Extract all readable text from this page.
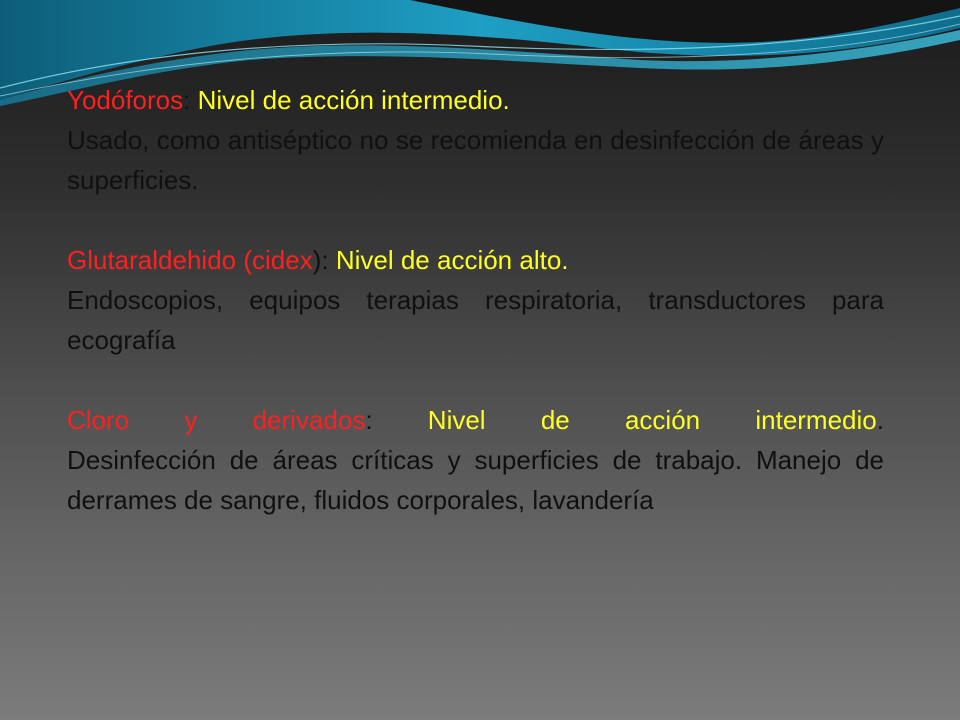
Yodóforos: Nivel de acción intermedio.
Usado, como antiséptico no se recomienda en desinfección de áreas y superficies.
Glutaraldehido (cidex): Nivel de acción alto.
Endoscopios, equipos terapias respiratoria, transductores para ecografía
Cloro y derivados: Nivel de acción intermedio.
Desinfección de áreas críticas y superficies de trabajo. Manejo de derrames de sangre, fluidos corporales, lavandería
